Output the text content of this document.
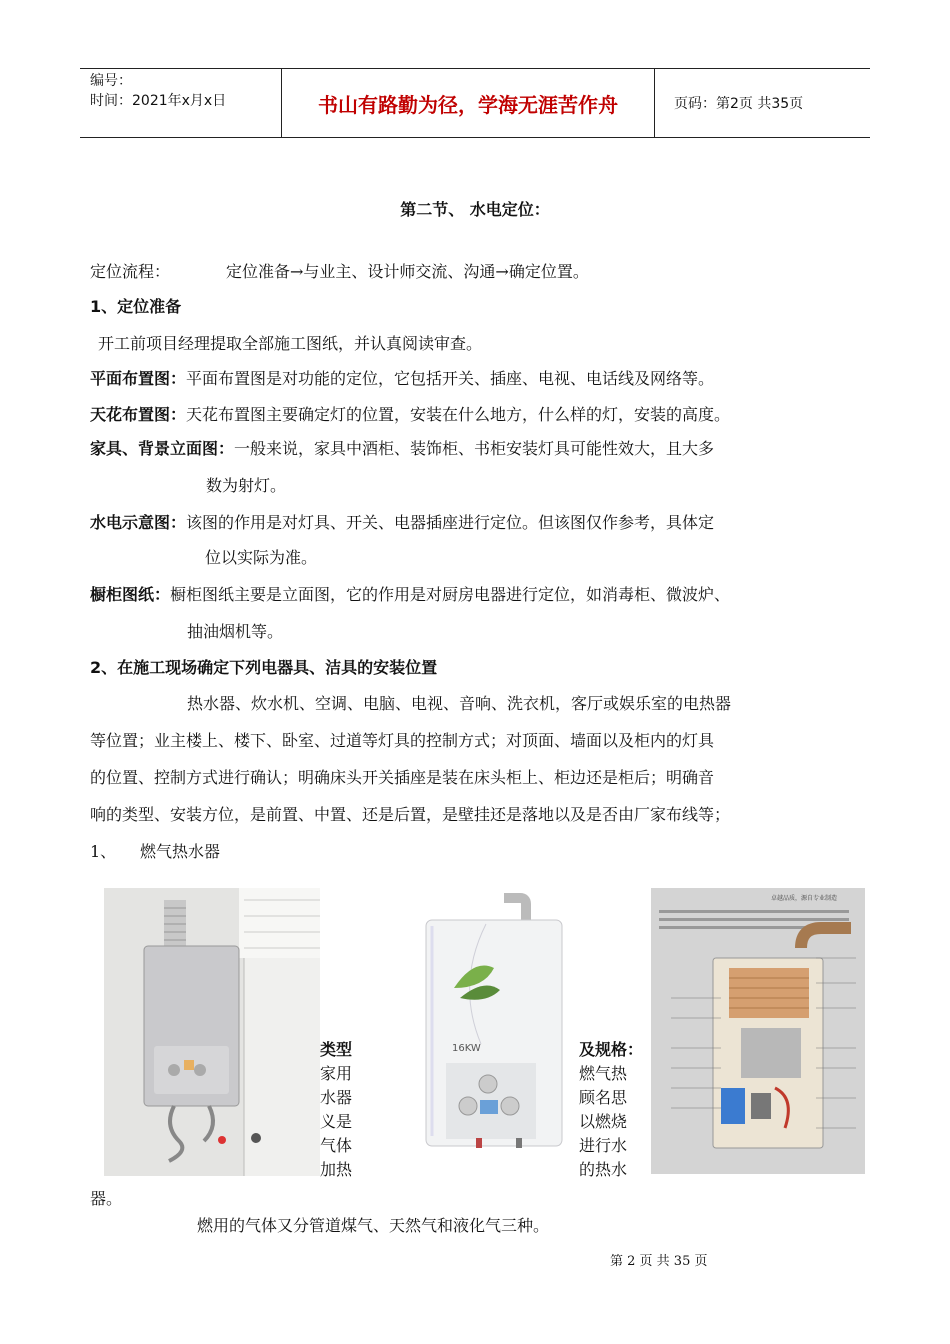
编号：
时间：2021年x月x日	书山有路勤为径，学海无涯苦作舟	页码：第2页 共35页
第二节、 水电定位：
定位流程：	定位准备→与业主、设计师交流、沟通→确定位置。
1、定位准备
开工前项目经理提取全部施工图纸，并认真阅读审查。
平面布置图：平面布置图是对功能的定位，它包括开关、插座、电视、电话线及网络等。
天花布置图：天花布置图主要确定灯的位置，安装在什么地方，什么样的灯，安装的高度。
家具、背景立面图：一般来说，家具中酒柜、装饰柜、书柜安装灯具可能性效大，且大多
数为射灯。
水电示意图：该图的作用是对灯具、开关、电器插座进行定位。但该图仅作参考，具体定
位以实际为准。
橱柜图纸：橱柜图纸主要是立面图，它的作用是对厨房电器进行定位，如消毒柜、微波炉、
抽油烟机等。
2、在施工现场确定下列电器具、洁具的安装位置
热水器、炊水机、空调、电脑、电视、音响、洗衣机，客厅或娱乐室的电热器
等位置；业主楼上、楼下、卧室、过道等灯具的控制方式；对顶面、墙面以及柜内的灯具
的位置、控制方式进行确认；明确床头开关插座是装在床头柜上、柜边还是柜后；明确音
响的类型、安装方位，是前置、中置、还是后置，是壁挂还是落地以及是否由厂家布线等；
1、 燃气热水器
类型
家用
水器
义是
气体
加热
16KW	及规格：
燃气热
顾名思
以燃烧
进行水
的热水
卓越品质，源自专业制造
器。
燃用的气体又分管道煤气、天然气和液化气三种。
第 2 页 共 35 页
